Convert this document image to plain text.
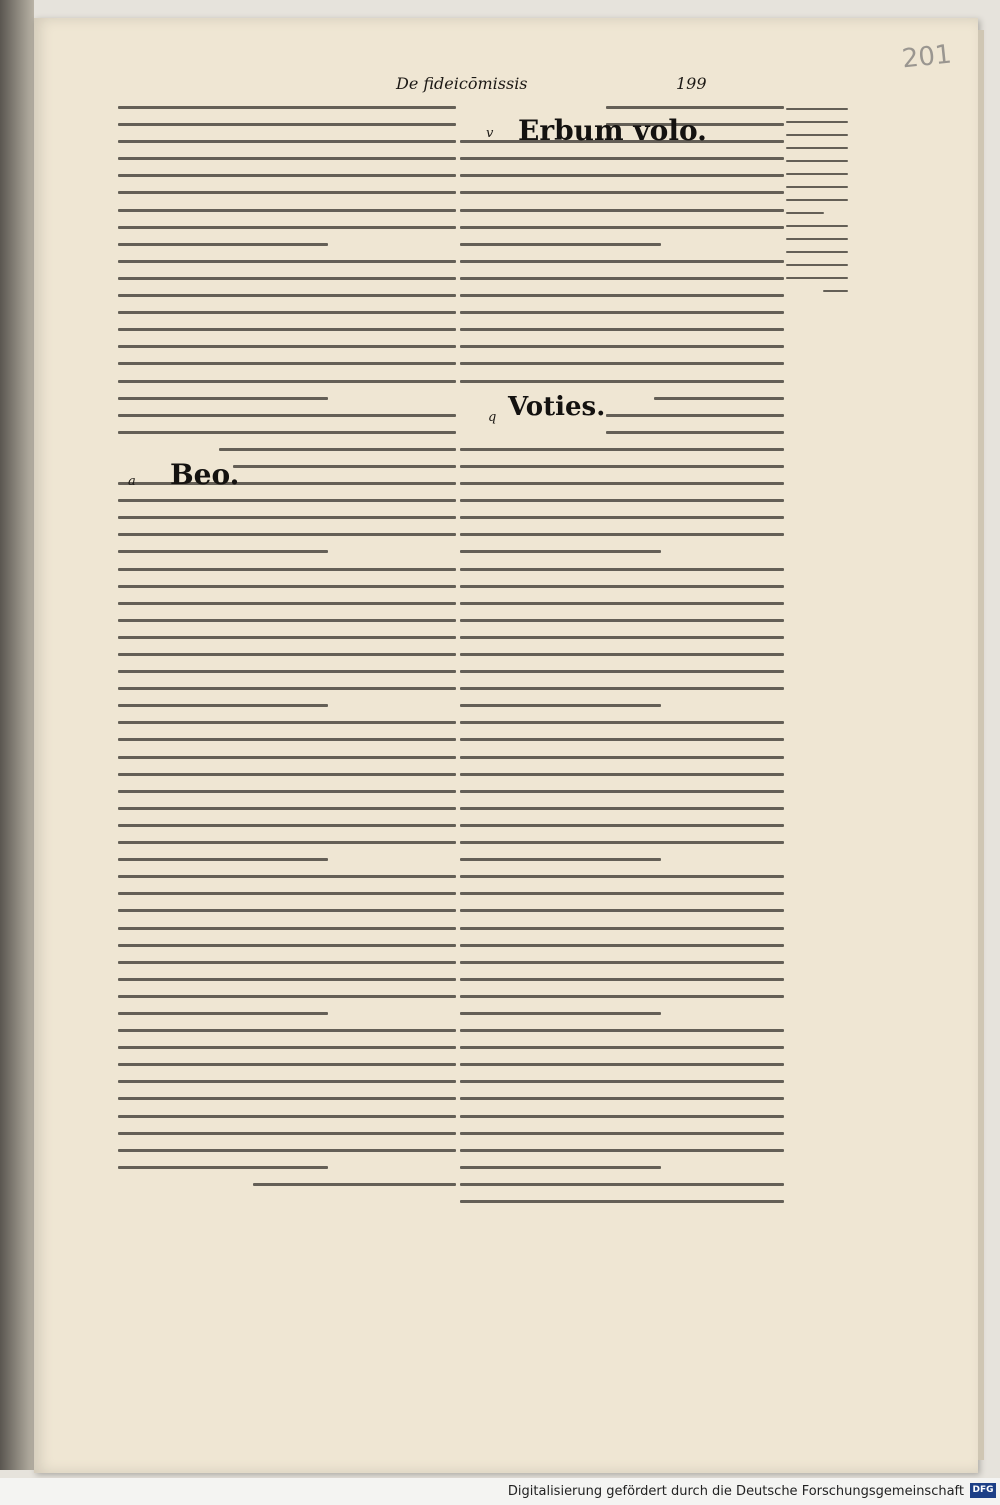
201
De fideicōmissis	199
Erbum volo.
Beo.
Voties.
v
q
a
Digitalisierung gefördert durch die Deutsche Forschungsgemeinschaft DFG
